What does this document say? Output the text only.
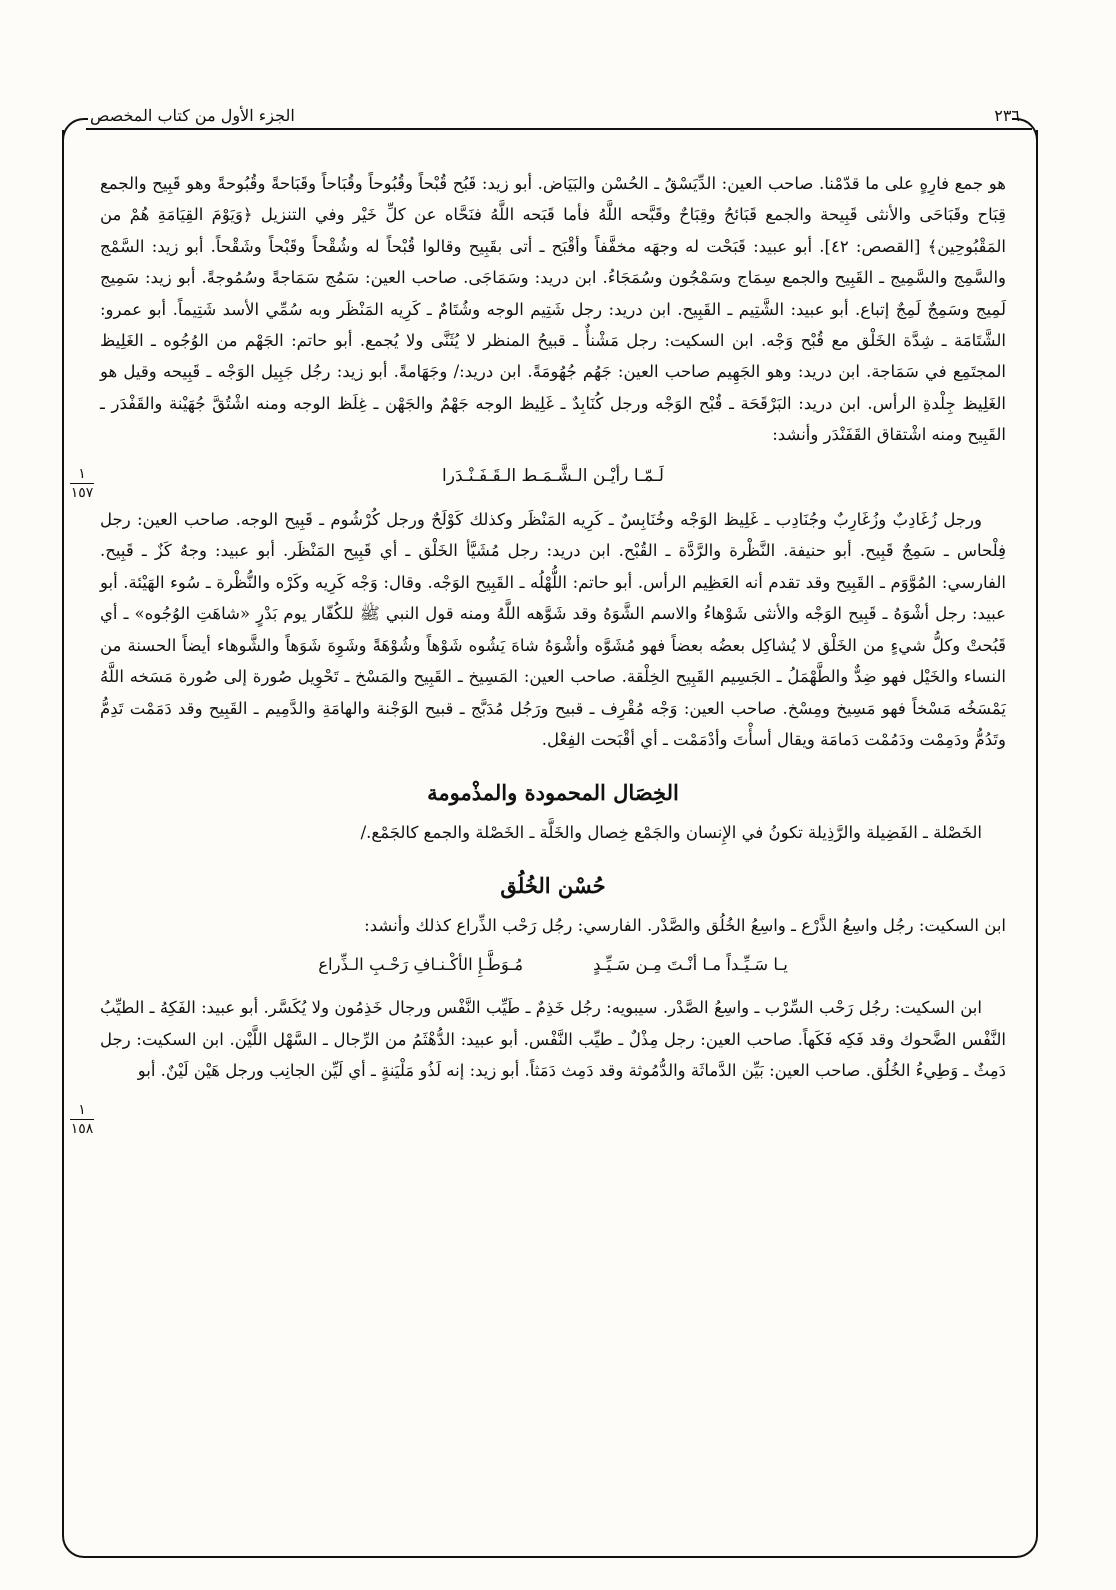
الجزء الأول من كتاب المخصص	٢٣٦
١
١٥٧
١
١٥٨

هو جمع فارِهٍ على ما قدّمْنا. صاحب العين: الدِّيَسْقُ ـ الحُسْن والبَيَاض. أبو زيد: قَبُح قُبْحاً وقُبُوحاً وقُبَاحاً وقَبَاحةً وقُبُوحةً وهو قَبِيح والجمع قِبَاح وقَبَاحَى والأنثى قَبِيحة والجمع قَبَائحُ وقِبَاحٌ وقَبَّحه اللَّهُ فأما قَبَحه اللَّهُ فنَحَّاه عن كلِّ خَيْر وفي التنزيل ﴿وَيَوْمَ القِيَامَةِ هُمْ من المَقْبُوحِين﴾ [القصص: ٤٢]. أبو عبيد: قَبَحْت له وجهَه مخفَّفاً وأقْبَح ـ أتى بقَبِيح وقالوا قُبْحاً له وشُقْحاً وقَبْحاً وشَقْحاً. أبو زيد: السَّمْج والسَّمِج والسَّمِيج ـ القَبِيح والجمع سِمَاج وسَمْجُون وسُمَجَاءُ. ابن دريد: وسَمَاجَى. صاحب العين: سَمُج سَمَاجةً وسُمُوجةً. أبو زيد: سَمِيج لَمِيج وسَمِجٌ لَمِجٌ إتباع. أبو عبيد: الشَّتِيم ـ القَبِيح. ابن دريد: رجل شَتِيم الوجه وشُتَامٌ ـ كَرِيه المَنْظَر وبه سُمِّي الأسد شَتِيماً. أبو عمرو: الشَّتَامَة ـ شِدَّة الخَلْق مع قُبْح وَجْه. ابن السكيت: رجل مَشْنأٌ ـ قبيحُ المنظر لا يُثَنَّى ولا يُجمع. أبو حاتم: الجَهْم من الوُجُوه ـ الغَلِيظ المجتَمِع في سَمَاجة. ابن دريد: وهو الجَهِيم صاحب العين: جَهُم جُهُومَةً. ابن دريد:/ وجَهَامةً. أبو زيد: رجُل جَبِيل الوَجْه ـ قَبِيحه وقيل هو الغَلِيظ جِلْدةِ الرأس. ابن دريد: البَرْقَحَة ـ قُبْح الوَجْه ورجل كُنَابِدٌ ـ غَلِيظ الوجه جَهْمٌ والجَهْن ـ غِلَظ الوجه ومنه اشْتُقَّ جُهَيْنة والقَفْدَر ـ القَبِيح ومنه اشْتقاق القَفَنْدَر وأنشد:

لَـمّـا رأيْـن الـشَّـمَـط الـقَـفَـنْـدَرا

ورجل زُغَادِبٌ وزُغَارِبٌ وجُنَادِب ـ غَلِيظ الوَجْه وخُنَابِسٌ ـ كَرِيه المَنْظَر وكذلك كَوْلَحٌ ورجل كُرْشُوم ـ قَبِيح الوجه. صاحب العين: رجل فِلْحاس ـ سَمِجٌ قَبِيح. أبو حنيفة. النَّظْرة والرَّدَّة ـ القُبْح. ابن دريد: رجل مُشَيَّأ الخَلْق ـ أي قَبِيح المَنْظَر. أبو عبيد: وجهٌ كَزٌ ـ قَبِيح. الفارسي: المُوَّوَم ـ القَبِيح وقد تقدم أنه العَظِيم الرأس. أبو حاتم: اللُّهْلُه ـ القَبِيح الوَجْه. وقال: وَجْه كَرِيه وكَرْه والنُّظْرة ـ سُوء الهَيْئة. أبو عبيد: رجل أشْوَهُ ـ قَبِيح الوَجْه والأنثى شَوْهاءُ والاسم الشَّوَهُ وقد شَوَّهه اللَّهُ ومنه قول النبي ﷺ للكُفّار يوم بَدْرٍ «شاهَتِ الوُجُوه» ـ أي قَبُحتْ وكلُّ شيءٍ من الخَلْق لا يُشاكِل بعضُه بعضاً فهو مُشَوَّه وأشْوَهُ شاهَ يَشُوه شَوْهاً وشُوْهَةً وشَوِهَ شَوَهاً والشَّوهاء أيضاً الحسنة من النساء والخَيْل فهو ضِدٌّ والطَّهْمَلُ ـ الجَسِيم القَبِيح الخِلْقة. صاحب العين: المَسِيخ ـ القَبِيح والمَسْخ ـ تَحْوِيل صُورة إلى صُورة مَسَخه اللَّهُ يَمْسَخُه مَسْخاً فهو مَسِيخ ومِسْخ. صاحب العين: وَجْه مُقْرِف ـ قبيح ورَجُل مُدَبَّج ـ قبيح الوَجْنة والهامَةِ والدَّمِيم ـ القَبِيح وقد دَمَمْت تَدِمُّ وتَدُمُّ ودَمِمْت ودَمُمْت دَمامَة ويقال أسأْتَ وأدْمَمْت ـ أي أقْبَحت الفِعْل.

الخِصَال المحمودة والمذْمومة

الخَصْلة ـ الفَضِيلة والرَّذِيلة تكونُ في الإِنسان والجَمْع خِصال والخَلَّة ـ الخَصْلة والجمع كالجَمْع./

حُسْن الخُلُق

ابن السكيت: رجُل واسِعُ الذَّرْع ـ واسِعُ الخُلُق والصَّدْر. الفارسي: رجُل رَحْب الذِّراع كذلك وأنشد:

يـا سَـيِّـداً مـا أنْـتَ مِـن سَـيِّـدٍ
مُـوَطَّـإِ الأكْـنـافِ رَحْـبِ الـذِّراع

ابن السكيت: رجُل رَحْب السِّرْب ـ واسِعُ الصَّدْر. سيبويه: رجُل خَذِمٌ ـ طَيِّب النَّفْس ورجال خَذِمُون ولا يُكَسَّر. أبو عبيد: الفَكِهُ ـ الطيِّبُ النَّفْس الضَّحوك وقد فَكِه فَكَهاً. صاحب العين: رجل مِذْلٌ ـ طيِّب النَّفْس. أبو عبيد: الدُّهْثَمُ من الرِّجال ـ السَّهْل اللَّيْن. ابن السكيت: رجل دَمِثٌ ـ وَطِيءُ الخُلُق. صاحب العين: بَيِّن الدَّماثَة والدُّمُوثة وقد دَمِث دَمَثاً. أبو زيد: إنه لَذُو مَلْيَنةٍ ـ أي لَيِّن الجانِب ورجل هَيْن لَيْنٌ. أبو
